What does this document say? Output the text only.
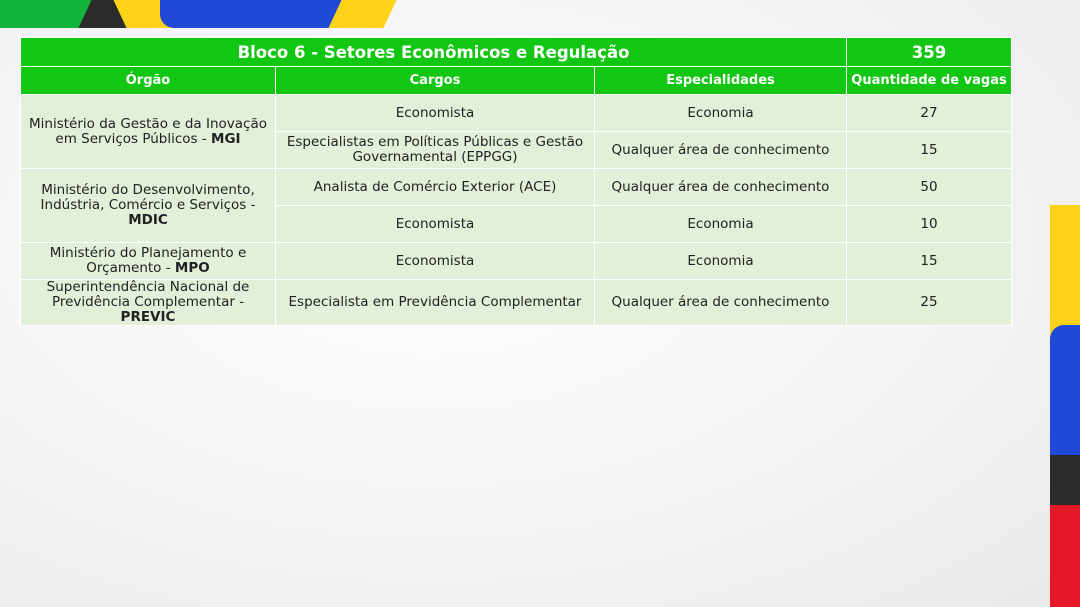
Bloco 6 - Setores Econômicos e Regulação			359
Órgão	Cargos	Especialidades	Quantidade de vagas
Ministério da Gestão e da Inovação em Serviços Públicos - MGI	Economista	Economia	27
	Especialistas em Políticas Públicas e Gestão Governamental (EPPGG)	Qualquer área de conhecimento	15
Ministério do Desenvolvimento, Indústria, Comércio e Serviços - MDIC	Analista de Comércio Exterior (ACE)	Qualquer área de conhecimento	50
	Economista	Economia	10
Ministério do Planejamento e Orçamento - MPO	Economista	Economia	15
Superintendência Nacional de Previdência Complementar - PREVIC	Especialista em Previdência Complementar	Qualquer área de conhecimento	25
